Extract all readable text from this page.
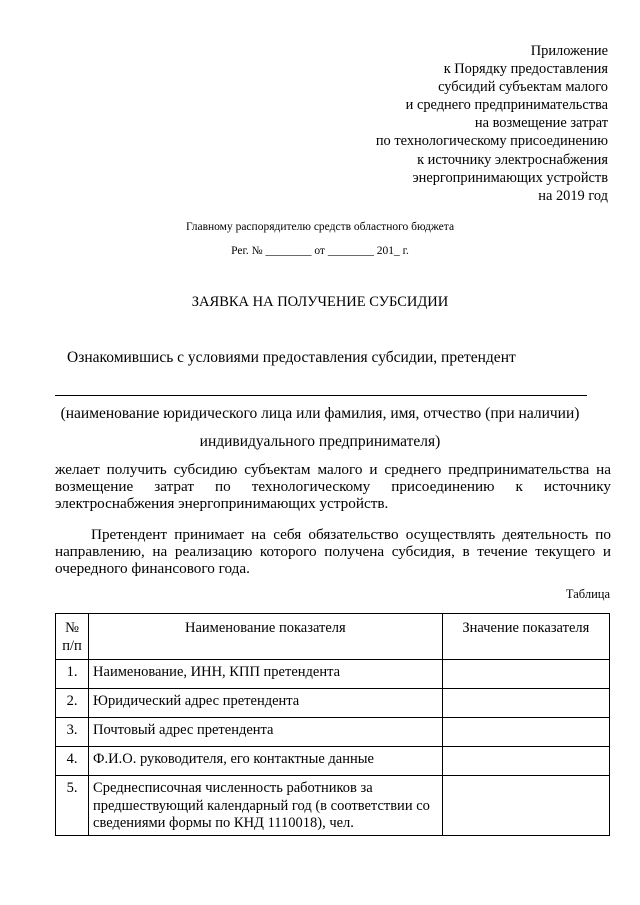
Приложение
к Порядку предоставления
субсидий субъектам малого
и среднего предпринимательства
на возмещение затрат
по технологическому присоединению
к источнику электроснабжения
энергопринимающих устройств
на 2019 год
Главному распорядителю средств областного бюджета
Рег. № ________ от ________ 201_ г.
ЗАЯВКА НА ПОЛУЧЕНИЕ СУБСИДИИ
Ознакомившись с условиями предоставления субсидии, претендент
(наименование юридического лица или фамилия, имя, отчество (при наличии)
индивидуального предпринимателя)
желает получить субсидию субъектам малого и среднего предпринимательства на возмещение затрат по технологическому присоединению к источнику электроснабжения энергопринимающих устройств.
Претендент принимает на себя обязательство осуществлять деятельность по направлению, на реализацию которого получена субсидия, в течение текущего и очередного финансового года.
Таблица
№ п/п	Наименование показателя	Значение показателя
1.	Наименование, ИНН, КПП претендента	
2.	Юридический адрес претендента	
3.	Почтовый адрес претендента	
4.	Ф.И.О. руководителя, его контактные данные	
5.	Среднесписочная численность работников за предшествующий календарный год (в соответствии со сведениями формы по КНД 1110018), чел.	
